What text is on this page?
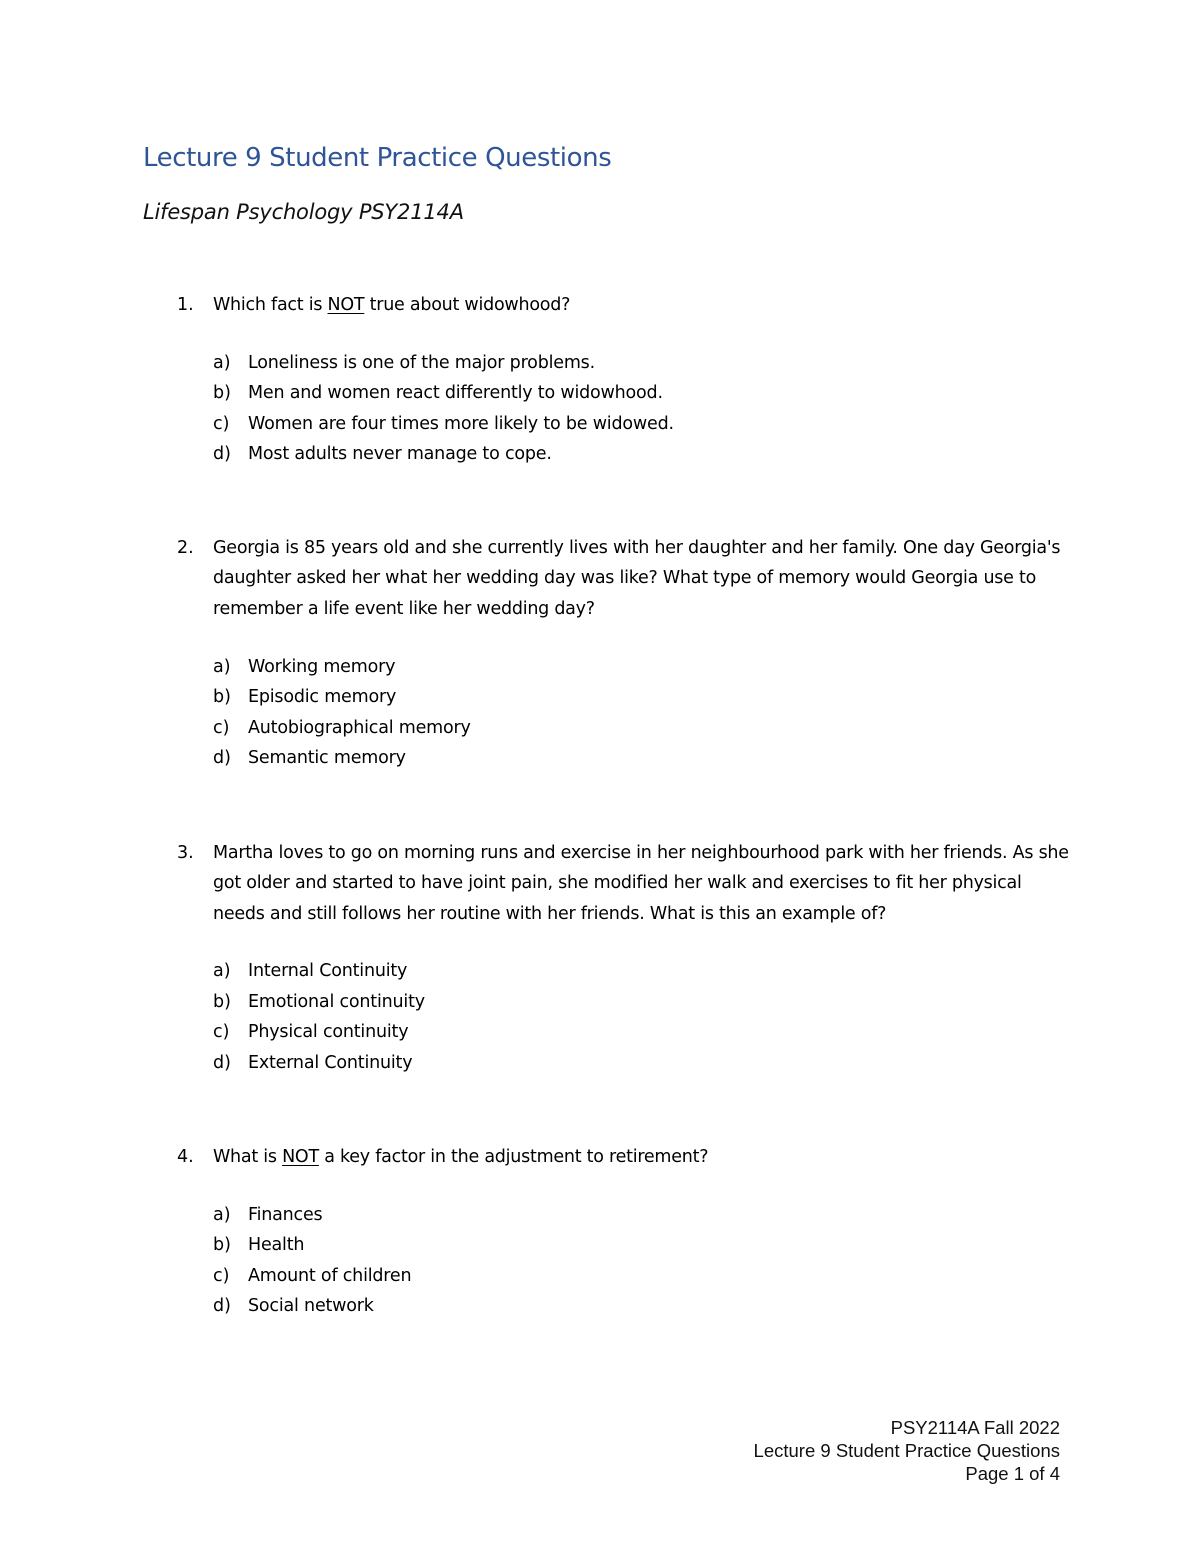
Lecture 9 Student Practice Questions
Lifespan Psychology PSY2114A
1. Which fact is NOT true about widowhood?
a) Loneliness is one of the major problems.
b) Men and women react differently to widowhood.
c) Women are four times more likely to be widowed.
d) Most adults never manage to cope.
2. Georgia is 85 years old and she currently lives with her daughter and her family. One day Georgia's daughter asked her what her wedding day was like? What type of memory would Georgia use to remember a life event like her wedding day?
a) Working memory
b) Episodic memory
c) Autobiographical memory
d) Semantic memory
3. Martha loves to go on morning runs and exercise in her neighbourhood park with her friends. As she got older and started to have joint pain, she modified her walk and exercises to fit her physical needs and still follows her routine with her friends. What is this an example of?
a) Internal Continuity
b) Emotional continuity
c) Physical continuity
d) External Continuity
4. What is NOT a key factor in the adjustment to retirement?
a) Finances
b) Health
c) Amount of children
d) Social network
PSY2114A Fall 2022
Lecture 9 Student Practice Questions
Page 1 of 4
